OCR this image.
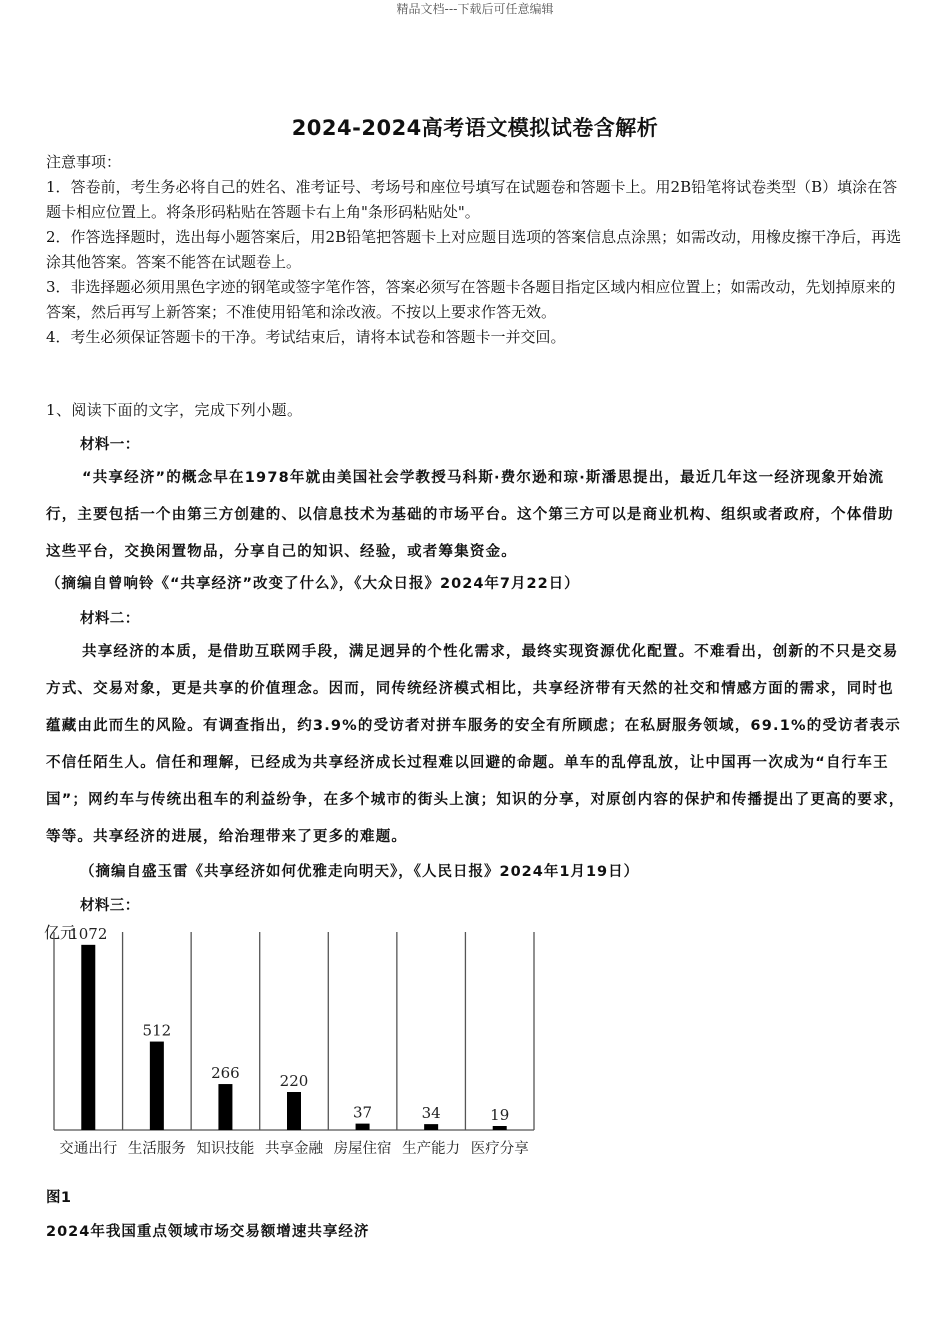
精品文档---下载后可任意编辑
2024-2024高考语文模拟试卷含解析
注意事项：
1．答卷前，考生务必将自己的姓名、准考证号、考场号和座位号填写在试题卷和答题卡上。用2B铅笔将试卷类型（B）填涂在答题卡相应位置上。将条形码粘贴在答题卡右上角"条形码粘贴处"。
2．作答选择题时，选出每小题答案后，用2B铅笔把答题卡上对应题目选项的答案信息点涂黑；如需改动，用橡皮擦干净后，再选涂其他答案。答案不能答在试题卷上。
3．非选择题必须用黑色字迹的钢笔或签字笔作答，答案必须写在答题卡各题目指定区域内相应位置上；如需改动，先划掉原来的答案，然后再写上新答案；不准使用铅笔和涂改液。不按以上要求作答无效。
4．考生必须保证答题卡的干净。考试结束后，请将本试卷和答题卡一并交回。
1、阅读下面的文字，完成下列小题。
材料一：
“共享经济”的概念早在1978年就由美国社会学教授马科斯·费尔逊和琼·斯潘思提出，最近几年这一经济现象开始流行，主要包括一个由第三方创建的、以信息技术为基础的市场平台。这个第三方可以是商业机构、组织或者政府，个体借助这些平台，交换闲置物品，分享自己的知识、经验，或者筹集资金。
（摘编自曾响铃《“共享经济”改变了什么》，《大众日报》2024年7月22日）
材料二：
共享经济的本质，是借助互联网手段，满足迥异的个性化需求，最终实现资源优化配置。不难看出，创新的不只是交易方式、交易对象，更是共享的价值理念。因而，同传统经济模式相比，共享经济带有天然的社交和情感方面的需求，同时也蕴藏由此而生的风险。有调查指出，约3.9%的受访者对拼车服务的安全有所顾虑；在私厨服务领域，69.1%的受访者表示不信任陌生人。信任和理解，已经成为共享经济成长过程难以回避的命题。单车的乱停乱放，让中国再一次成为“自行车王国”；网约车与传统出租车的利益纷争，在多个城市的街头上演；知识的分享，对原创内容的保护和传播提出了更高的要求，等等。共享经济的进展，给治理带来了更多的难题。
（摘编自盛玉雷《共享经济如何优雅走向明天》，《人民日报》2024年1月19日）
材料三：
亿元
1072
交通出行
512
生活服务
266
知识技能
220
共享金融
37
房屋住宿
34
生产能力
19
医疗分享
图1
2024年我国重点领域市场交易额增速共享经济
